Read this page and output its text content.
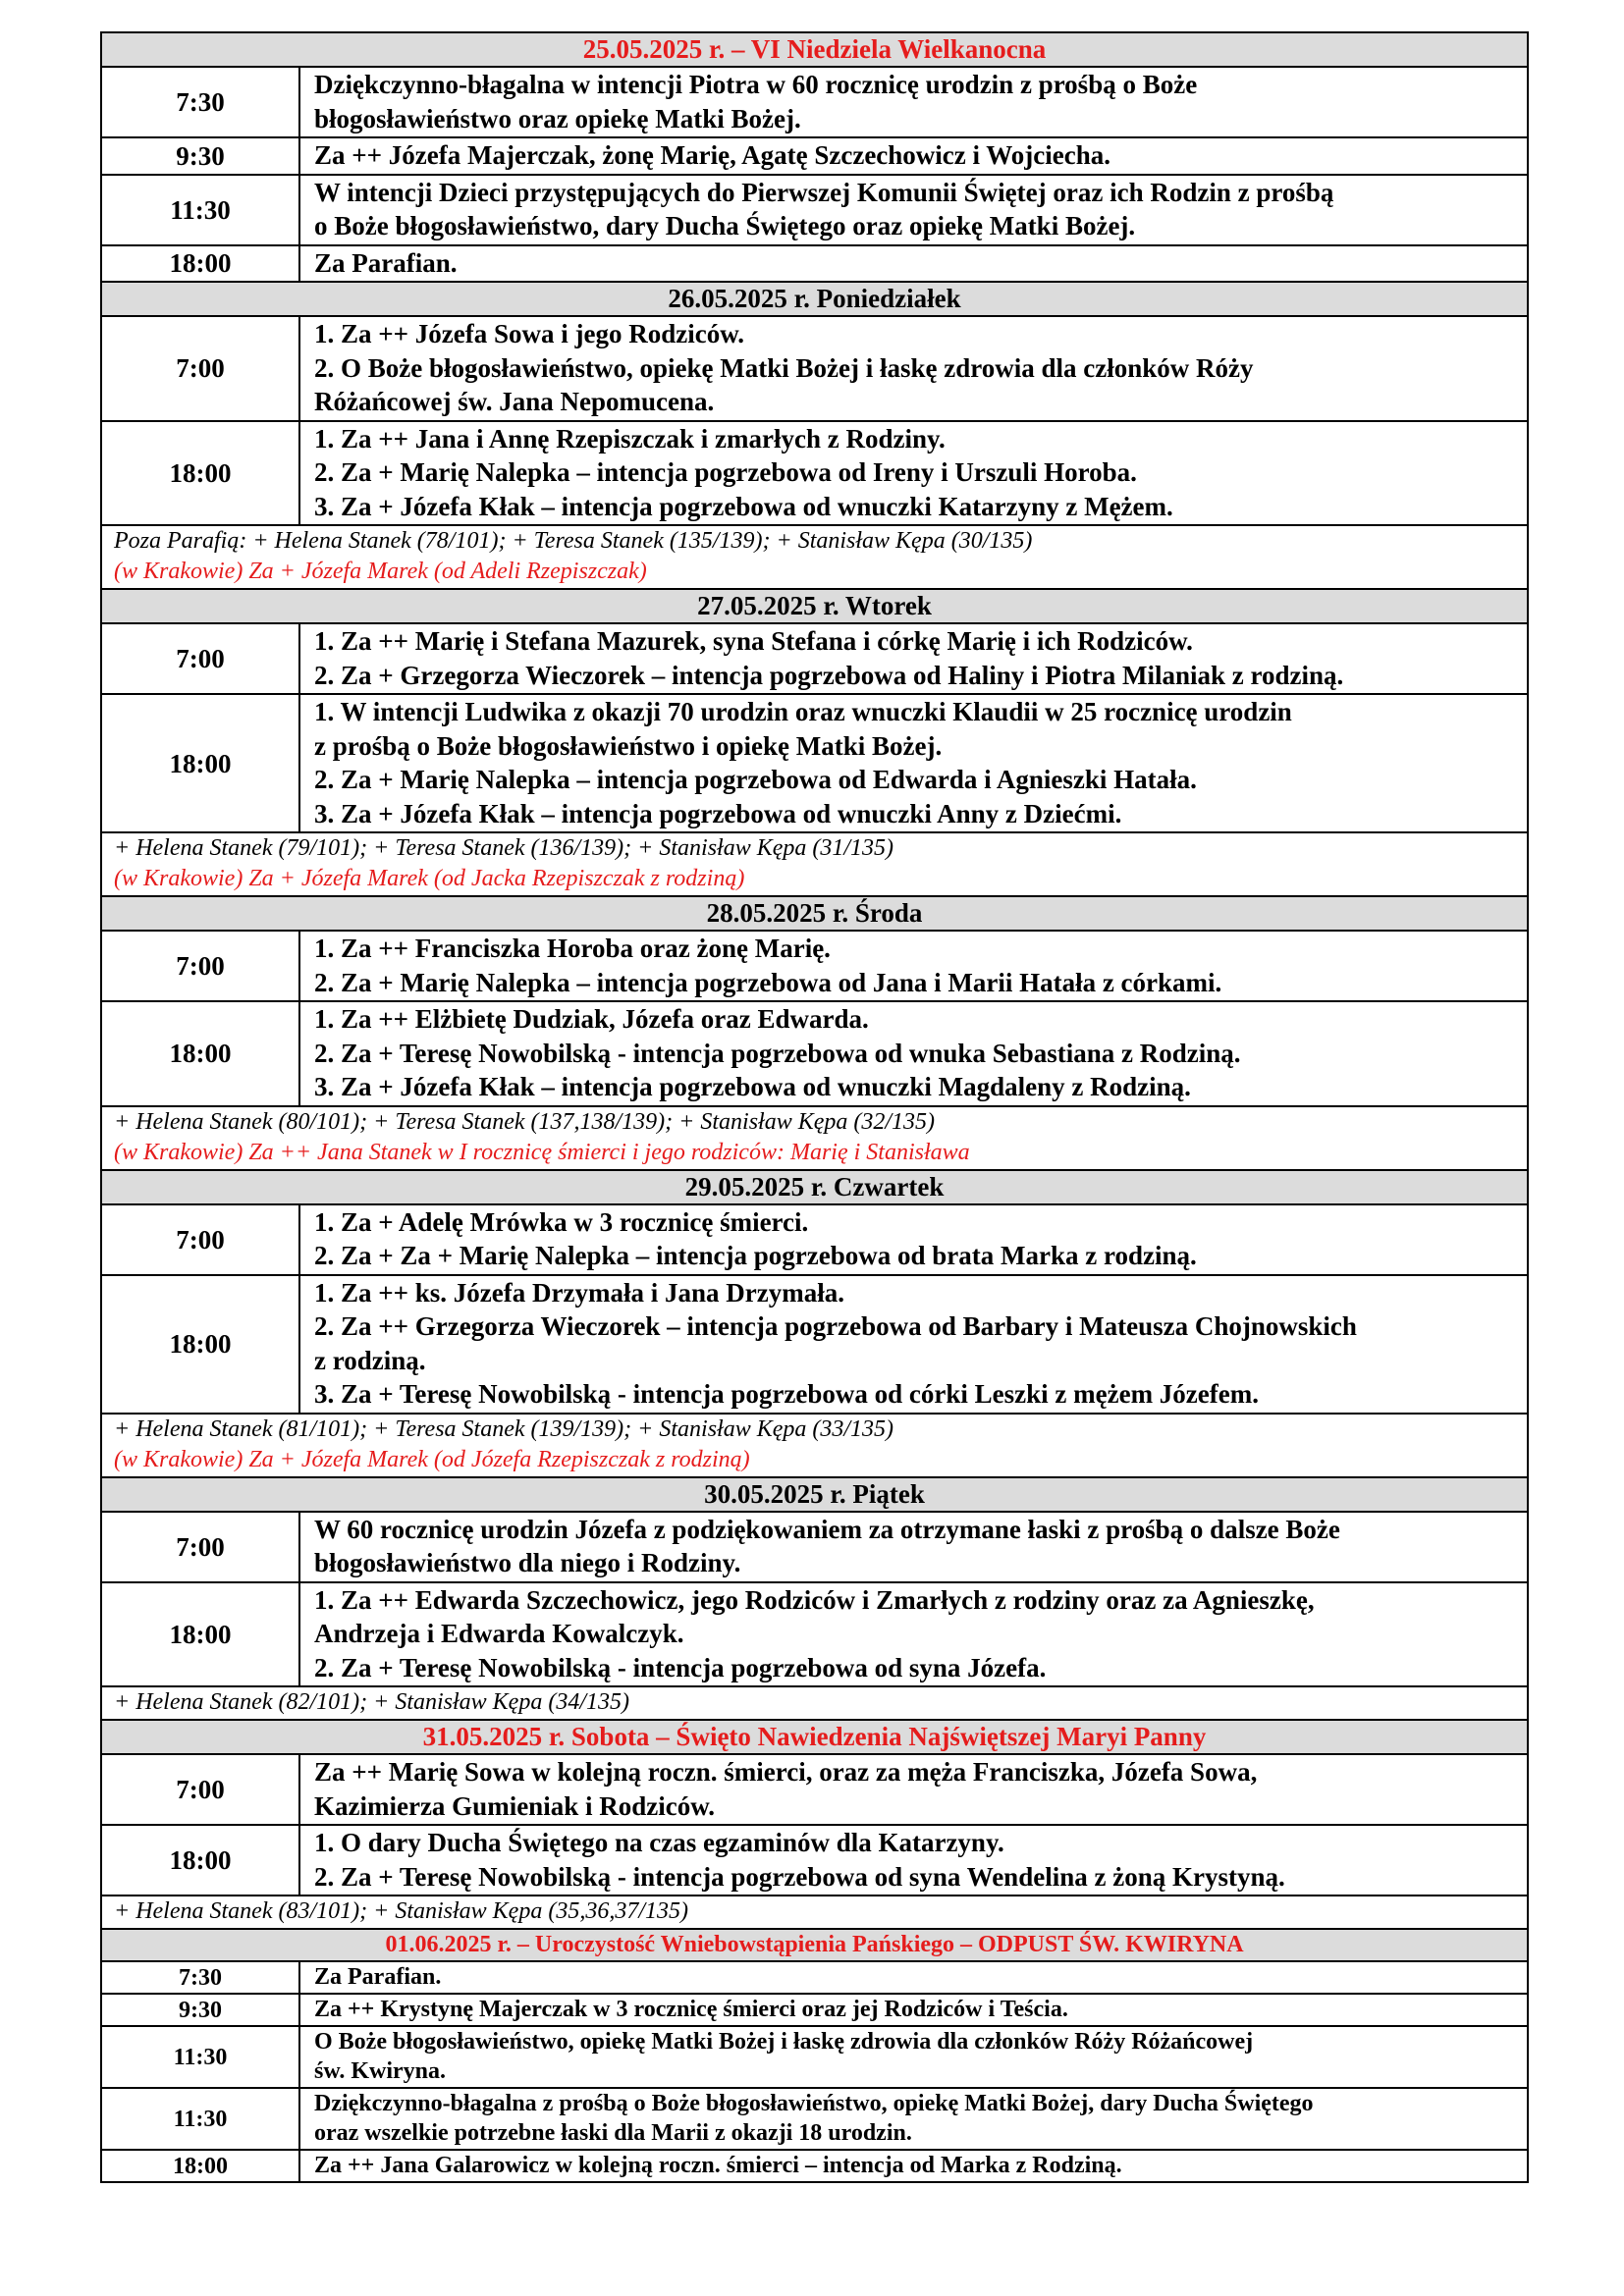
25.05.2025 r. – VI Niedziela Wielkanocna	
7:30	Dziękczynno-błagalna w intencji Piotra w 60 rocznicę urodzin z prośbą o Boże
błogosławieństwo oraz opiekę Matki Bożej.

9:30	Za ++ Józefa Majerczak, żonę Marię, Agatę Szczechowicz i Wojciecha.

11:30	W intencji Dzieci przystępujących do Pierwszej Komunii Świętej oraz ich Rodzin z prośbą
o Boże błogosławieństwo, dary Ducha Świętego oraz opiekę Matki Bożej.

18:00	Za Parafian.

26.05.2025 r. Poniedziałek	
7:00	1. Za ++ Józefa Sowa i jego Rodziców.
2. O Boże błogosławieństwo, opiekę Matki Bożej i łaskę zdrowia dla członków Róży
Różańcowej św. Jana Nepomucena.

18:00	1. Za ++ Jana i Annę Rzepiszczak i zmarłych z Rodziny.
2. Za + Marię Nalepka – intencja pogrzebowa od Ireny i Urszuli Horoba.
3. Za + Józefa Kłak – intencja pogrzebowa od wnuczki Katarzyny z Mężem.

Poza Parafią: + Helena Stanek (78/101); + Teresa Stanek (135/139); + Stanisław Kępa (30/135)
(w Krakowie) Za + Józefa Marek (od Adeli Rzepiszczak)	

27.05.2025 r. Wtorek	
7:00	1. Za ++ Marię i Stefana Mazurek, syna Stefana i córkę Marię i ich Rodziców.
2. Za + Grzegorza Wieczorek – intencja pogrzebowa od Haliny i Piotra Milaniak z rodziną.

18:00	1. W intencji Ludwika z okazji 70 urodzin oraz wnuczki Klaudii w 25 rocznicę urodzin
z prośbą o Boże błogosławieństwo i opiekę Matki Bożej.
2. Za + Marię Nalepka – intencja pogrzebowa od Edwarda i Agnieszki Hatała.
3. Za + Józefa Kłak – intencja pogrzebowa od wnuczki Anny z Dziećmi.

+ Helena Stanek (79/101); + Teresa Stanek (136/139); + Stanisław Kępa (31/135)
(w Krakowie) Za + Józefa Marek (od Jacka Rzepiszczak z rodziną)	

28.05.2025 r. Środa	
7:00	1. Za ++ Franciszka Horoba oraz żonę Marię.
2. Za + Marię Nalepka – intencja pogrzebowa od Jana i Marii Hatała z córkami.

18:00	1. Za ++ Elżbietę Dudziak, Józefa oraz Edwarda.
2. Za + Teresę Nowobilską - intencja pogrzebowa od wnuka Sebastiana z Rodziną.
3. Za + Józefa Kłak – intencja pogrzebowa od wnuczki Magdaleny z Rodziną.

+ Helena Stanek (80/101); + Teresa Stanek (137,138/139); + Stanisław Kępa (32/135)
(w Krakowie) Za ++ Jana Stanek w I rocznicę śmierci i jego rodziców: Marię i Stanisława	

29.05.2025 r. Czwartek	
7:00	1. Za + Adelę Mrówka w 3 rocznicę śmierci.
2. Za + Za + Marię Nalepka – intencja pogrzebowa od brata Marka z rodziną.

18:00	1. Za ++ ks. Józefa Drzymała i Jana Drzymała.
2. Za ++ Grzegorza Wieczorek – intencja pogrzebowa od Barbary i Mateusza Chojnowskich
z rodziną.
3. Za + Teresę Nowobilską - intencja pogrzebowa od córki Leszki z mężem Józefem.

+ Helena Stanek (81/101); + Teresa Stanek (139/139); + Stanisław Kępa (33/135)
(w Krakowie) Za + Józefa Marek (od Józefa Rzepiszczak z rodziną)	

30.05.2025 r. Piątek	
7:00	W 60 rocznicę urodzin Józefa z podziękowaniem za otrzymane łaski z prośbą o dalsze Boże
błogosławieństwo dla niego i Rodziny.

18:00	1. Za ++ Edwarda Szczechowicz, jego Rodziców i Zmarłych z rodziny oraz za Agnieszkę,
Andrzeja i Edwarda Kowalczyk.
2. Za + Teresę Nowobilską - intencja pogrzebowa od syna Józefa.

+ Helena Stanek (82/101); + Stanisław Kępa (34/135)	

31.05.2025 r. Sobota – Święto Nawiedzenia Najświętszej Maryi Panny	
7:00	Za ++ Marię Sowa w kolejną roczn. śmierci, oraz za męża Franciszka, Józefa Sowa,
Kazimierza Gumieniak i Rodziców.

18:00	1. O dary Ducha Świętego na czas egzaminów dla Katarzyny.
2. Za + Teresę Nowobilską - intencja pogrzebowa od syna Wendelina z żoną Krystyną.

+ Helena Stanek (83/101); + Stanisław Kępa (35,36,37/135)	

01.06.2025 r. – Uroczystość Wniebowstąpienia Pańskiego – ODPUST ŚW. KWIRYNA	
7:30	Za Parafian.

9:30	Za ++ Krystynę Majerczak w 3 rocznicę śmierci oraz jej Rodziców i Teścia.

11:30	O Boże błogosławieństwo, opiekę Matki Bożej i łaskę zdrowia dla członków Róży Różańcowej
św. Kwiryna.

11:30	Dziękczynno-błagalna z prośbą o Boże błogosławieństwo, opiekę Matki Bożej, dary Ducha Świętego
oraz wszelkie potrzebne łaski dla Marii z okazji 18 urodzin.

18:00	Za ++ Jana Galarowicz w kolejną roczn. śmierci – intencja od Marka z Rodziną.
